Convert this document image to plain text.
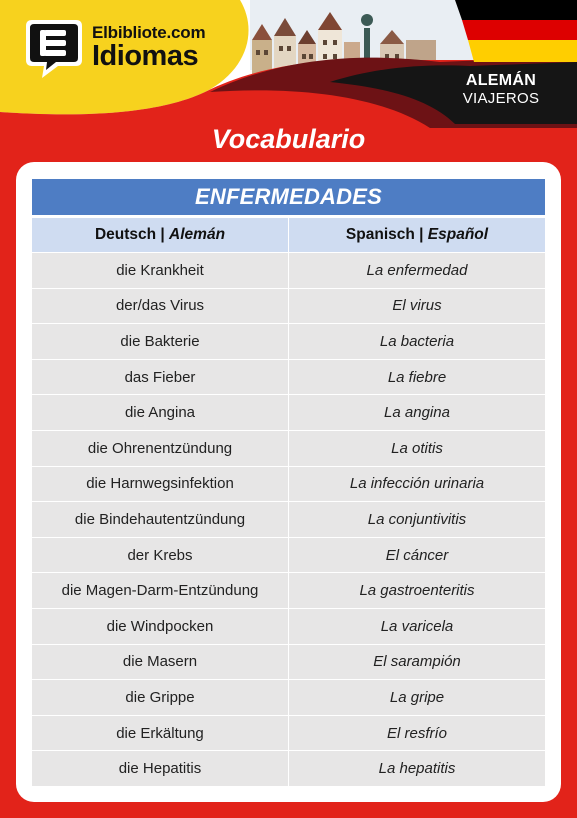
Elbibliote.com
Idiomas
ALEMÁN
VIAJEROS
Vocabulario
ENFERMEDADES
Deutsch | Alemán	Spanisch | Español
die Krankheit	La enfermedad
der/das Virus	El virus
die Bakterie	La bacteria
das Fieber	La fiebre
die Angina	La angina
die Ohrenentzündung	La otitis
die Harnwegsinfektion	La infección urinaria
die Bindehautentzündung	La conjuntivitis
der Krebs	El cáncer
die Magen-Darm-Entzündung	La gastroenteritis
die Windpocken	La varicela
die Masern	El sarampión
die Grippe	La gripe
die Erkältung	El resfrío
die Hepatitis	La hepatitis
